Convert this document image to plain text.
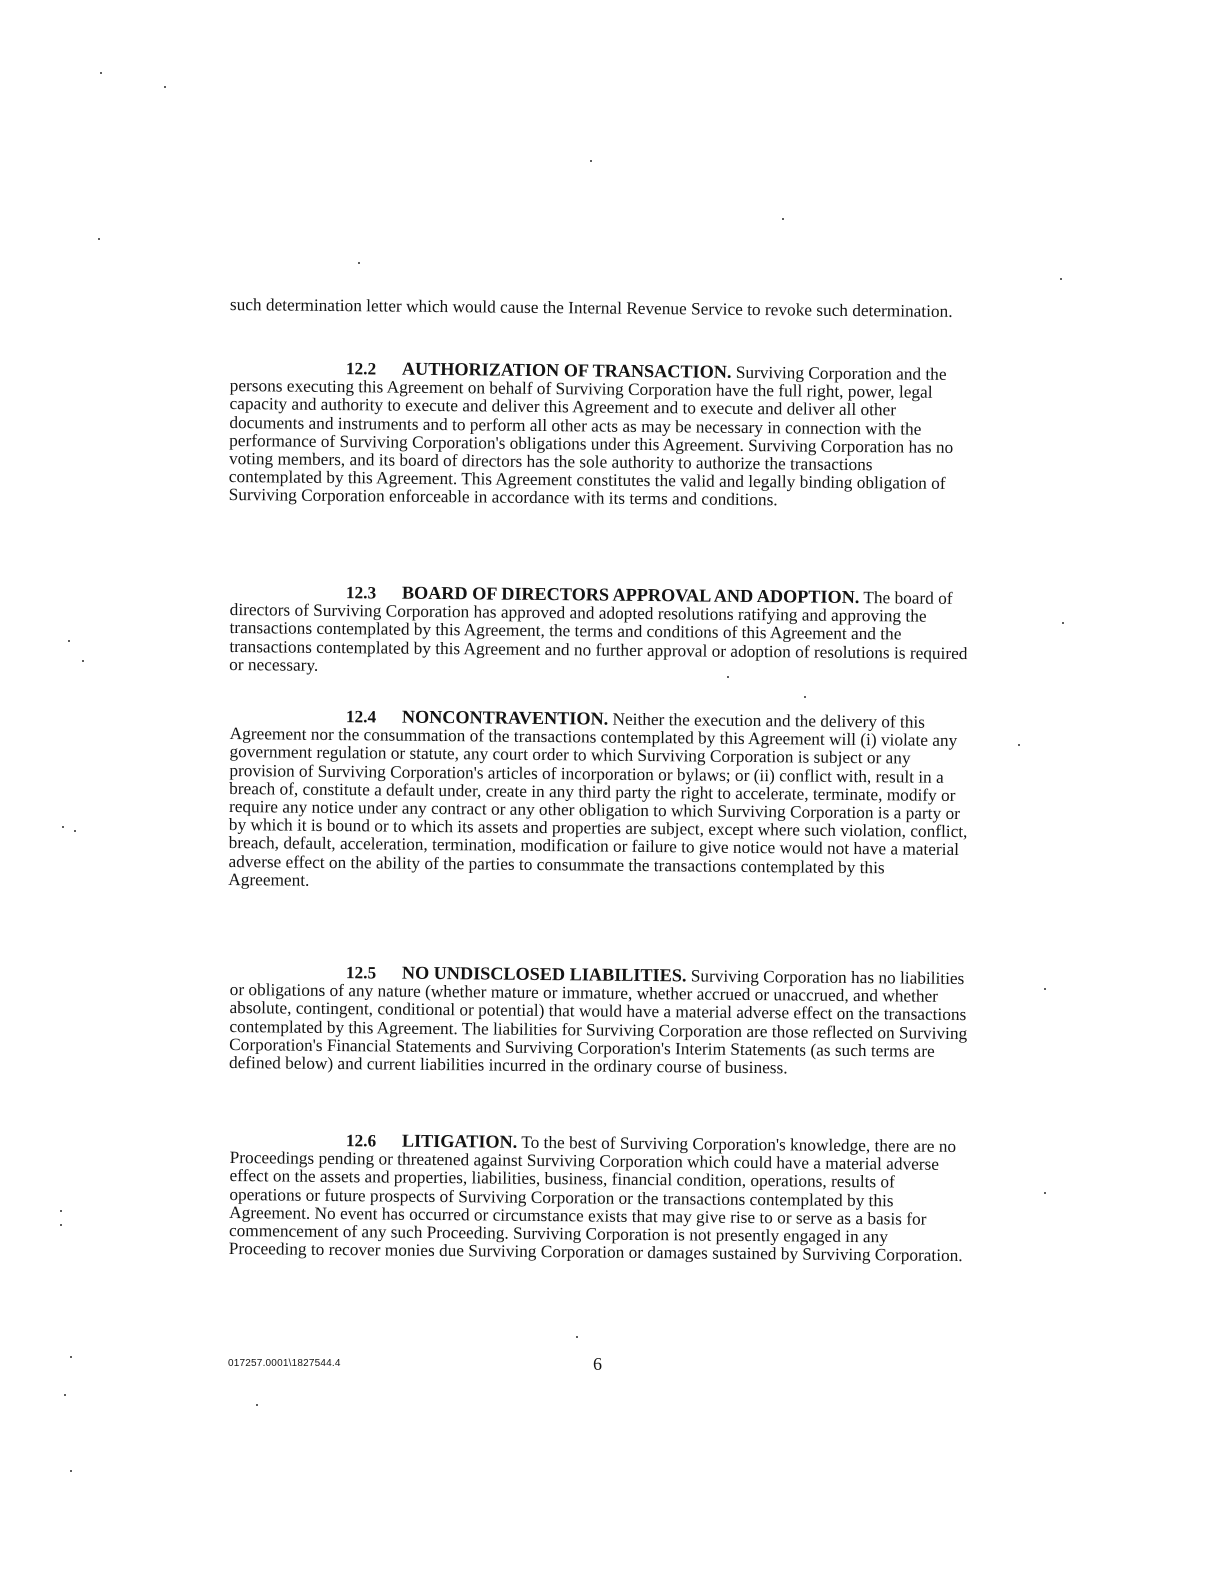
such determination letter which would cause the Internal Revenue Service to revoke such determination.
12.2 AUTHORIZATION OF TRANSACTION. Surviving Corporation and the persons executing this Agreement on behalf of Surviving Corporation have the full right, power, legal capacity and authority to execute and deliver this Agreement and to execute and deliver all other documents and instruments and to perform all other acts as may be necessary in connection with the performance of Surviving Corporation's obligations under this Agreement. Surviving Corporation has no voting members, and its board of directors has the sole authority to authorize the transactions contemplated by this Agreement. This Agreement constitutes the valid and legally binding obligation of Surviving Corporation enforceable in accordance with its terms and conditions.
12.3 BOARD OF DIRECTORS APPROVAL AND ADOPTION. The board of directors of Surviving Corporation has approved and adopted resolutions ratifying and approving the transactions contemplated by this Agreement, the terms and conditions of this Agreement and the transactions contemplated by this Agreement and no further approval or adoption of resolutions is required or necessary.
12.4 NONCONTRAVENTION. Neither the execution and the delivery of this Agreement nor the consummation of the transactions contemplated by this Agreement will (i) violate any government regulation or statute, any court order to which Surviving Corporation is subject or any provision of Surviving Corporation's articles of incorporation or bylaws; or (ii) conflict with, result in a breach of, constitute a default under, create in any third party the right to accelerate, terminate, modify or require any notice under any contract or any other obligation to which Surviving Corporation is a party or by which it is bound or to which its assets and properties are subject, except where such violation, conflict, breach, default, acceleration, termination, modification or failure to give notice would not have a material adverse effect on the ability of the parties to consummate the transactions contemplated by this Agreement.
12.5 NO UNDISCLOSED LIABILITIES. Surviving Corporation has no liabilities or obligations of any nature (whether mature or immature, whether accrued or unaccrued, and whether absolute, contingent, conditional or potential) that would have a material adverse effect on the transactions contemplated by this Agreement. The liabilities for Surviving Corporation are those reflected on Surviving Corporation's Financial Statements and Surviving Corporation's Interim Statements (as such terms are defined below) and current liabilities incurred in the ordinary course of business.
12.6 LITIGATION. To the best of Surviving Corporation's knowledge, there are no Proceedings pending or threatened against Surviving Corporation which could have a material adverse effect on the assets and properties, liabilities, business, financial condition, operations, results of operations or future prospects of Surviving Corporation or the transactions contemplated by this Agreement. No event has occurred or circumstance exists that may give rise to or serve as a basis for commencement of any such Proceeding. Surviving Corporation is not presently engaged in any Proceeding to recover monies due Surviving Corporation or damages sustained by Surviving Corporation.
017257.0001\1827544.4	6
